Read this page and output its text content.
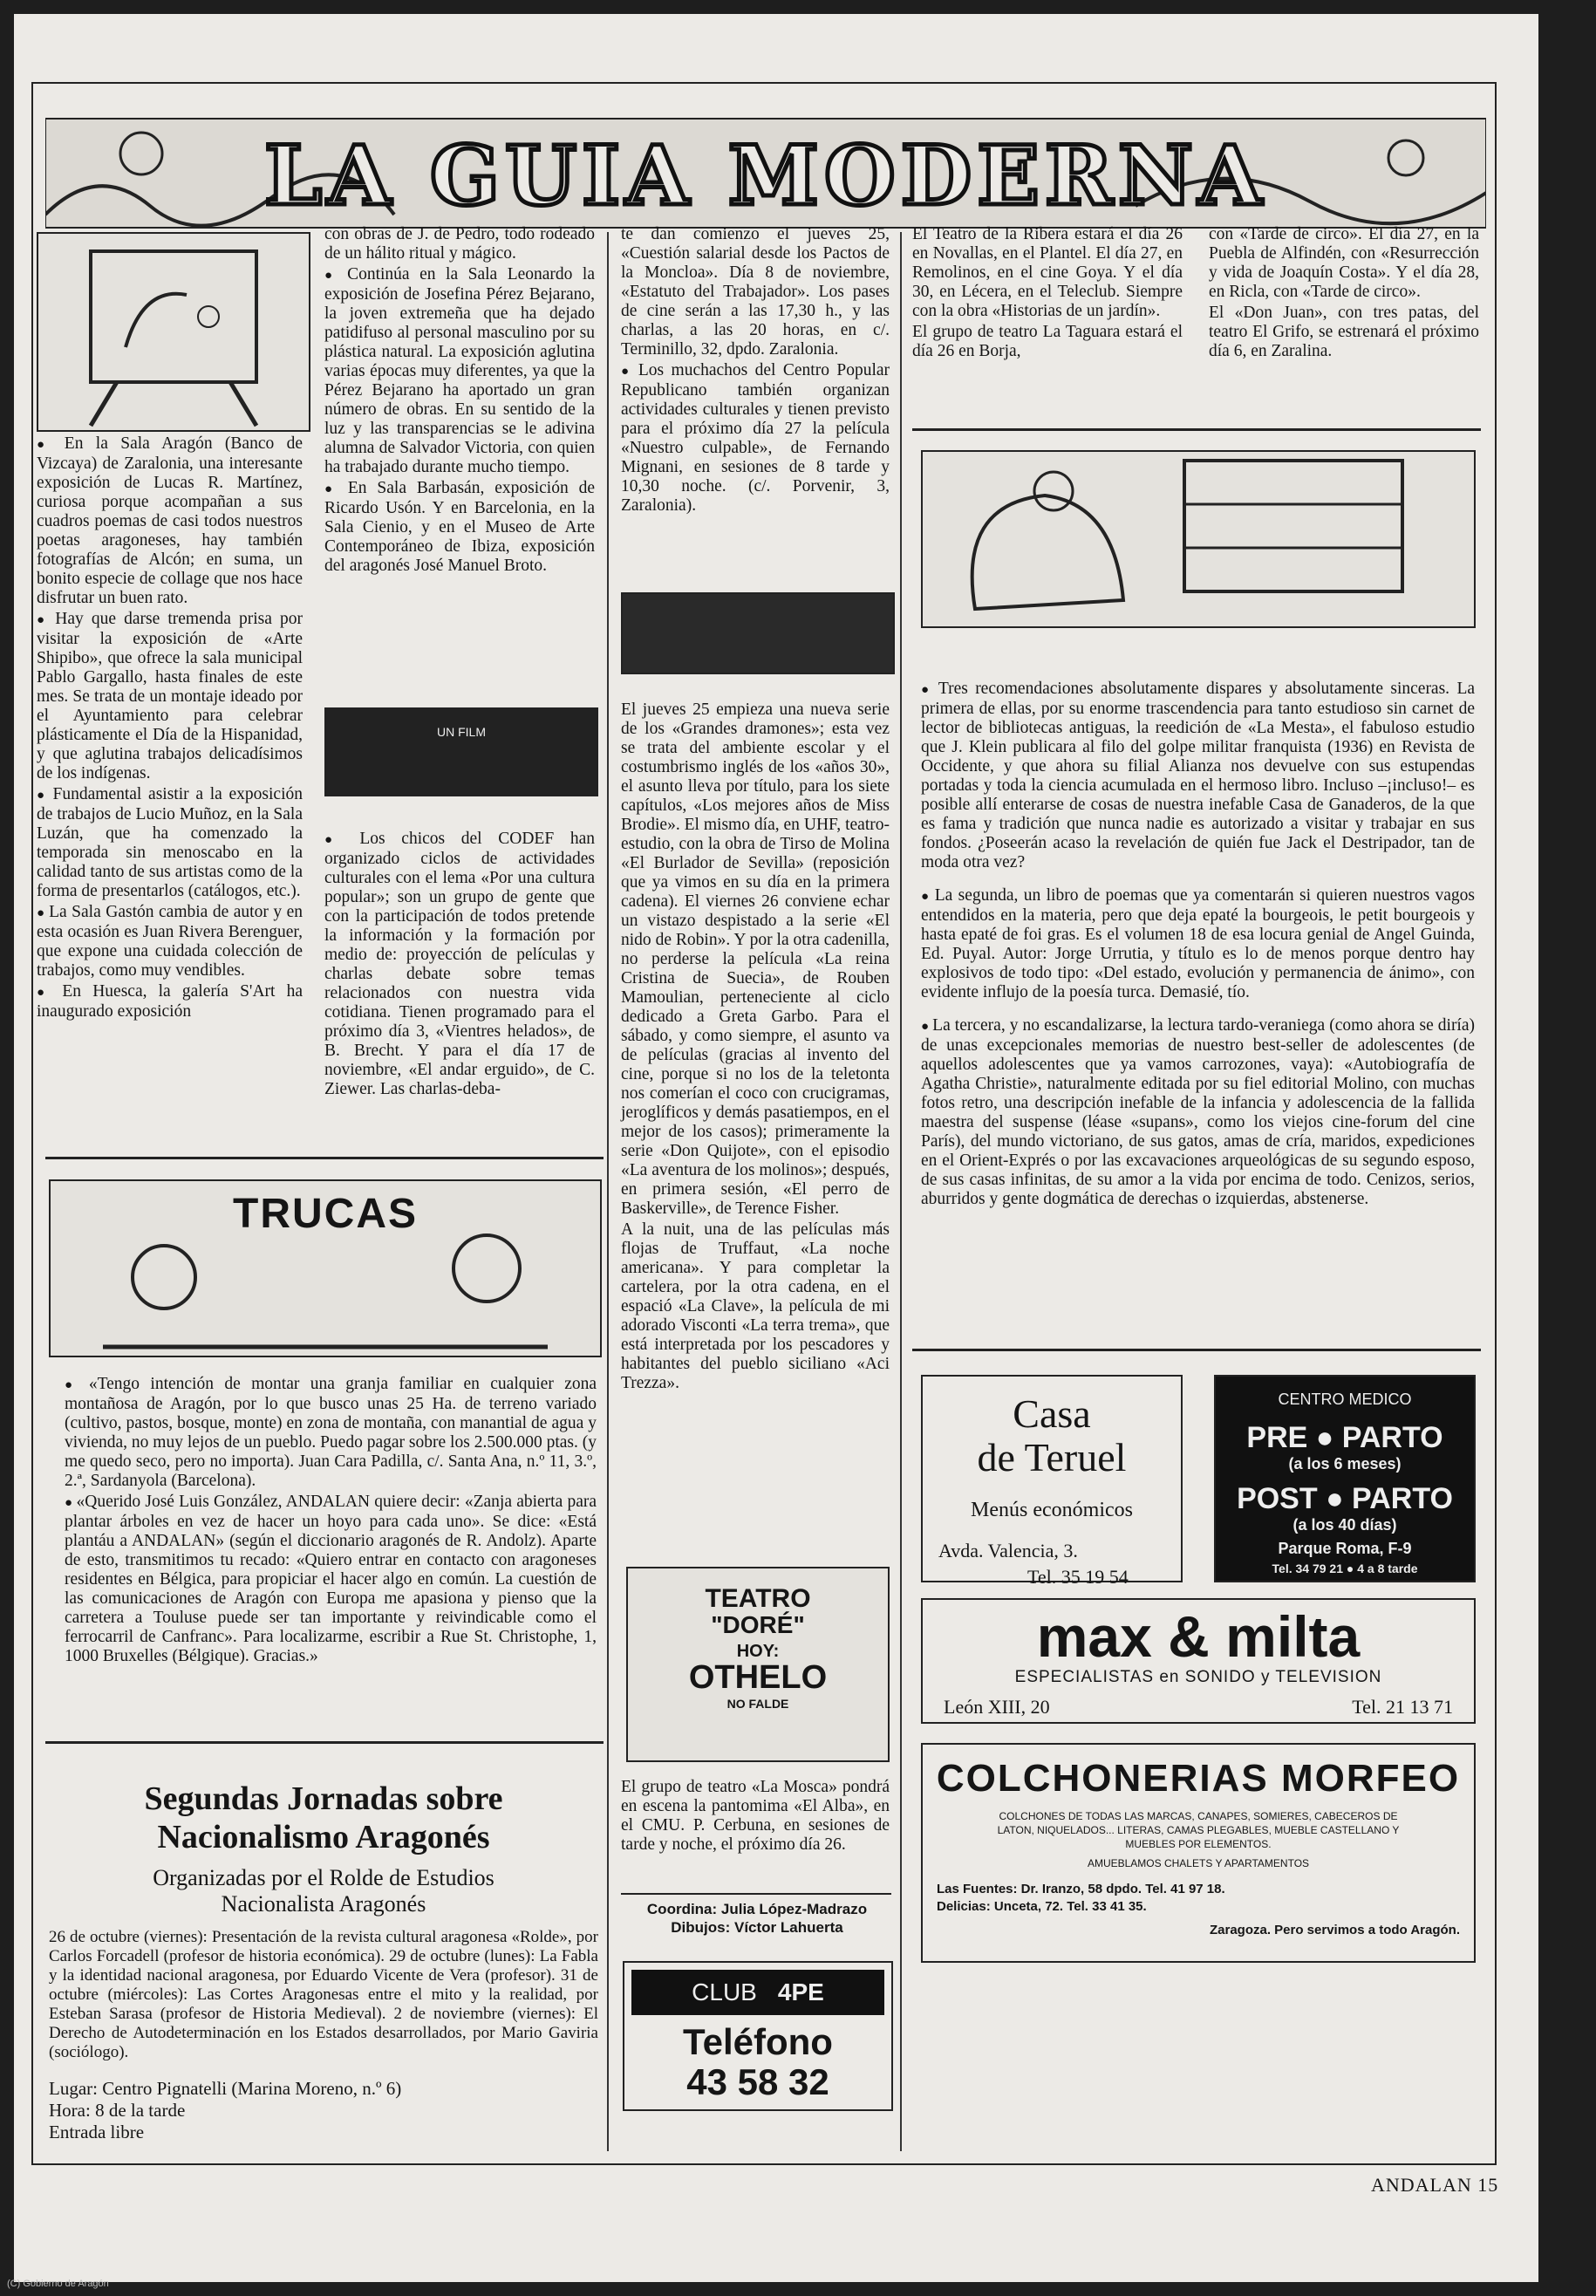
LA GUIA MODERNA

● En la Sala Aragón (Banco de Vizcaya) de Zaralonia, una interesante exposición de Lucas R. Martínez, curiosa porque acompañan a sus cuadros poemas de casi todos nuestros poetas aragoneses, hay también fotografías de Alcón; en suma, un bonito especie de collage que nos hace disfrutar un buen rato.

● Hay que darse tremenda prisa por visitar la exposición de «Arte Shipibo», que ofrece la sala municipal Pablo Gargallo, hasta finales de este mes. Se trata de un montaje ideado por el Ayuntamiento para celebrar plásticamente el Día de la Hispanidad, y que aglutina trabajos delicadísimos de los indígenas.

● Fundamental asistir a la exposición de trabajos de Lucio Muñoz, en la Sala Luzán, que ha comenzado la temporada sin menoscabo en la calidad tanto de sus artistas como de la forma de presentarlos (catálogos, etc.).

● La Sala Gastón cambia de autor y en esta ocasión es Juan Rivera Berenguer, que expone una cuidada colección de trabajos, como muy vendibles.

● En Huesca, la galería S'Art ha inaugurado exposición

con obras de J. de Pedro, todo rodeado de un hálito ritual y mágico.

● Continúa en la Sala Leonardo la exposición de Josefina Pérez Bejarano, la joven extremeña que ha dejado patidifuso al personal masculino por su plástica natural. La exposición aglutina varias épocas muy diferentes, ya que la Pérez Bejarano ha aportado un gran número de obras. En su sentido de la luz y las transparencias se le adivina alumna de Salvador Victoria, con quien ha trabajado durante mucho tiempo.

● En Sala Barbasán, exposición de Ricardo Usón. Y en Barcelonia, en la Sala Cienio, y en el Museo de Arte Contemporáneo de Ibiza, exposición del aragonés José Manuel Broto.

UN FILM

● Los chicos del CODEF han organizado ciclos de actividades culturales con el lema «Por una cultura popular»; son un grupo de gente que con la participación de todos pretende la información y la formación por medio de: proyección de películas y charlas debate sobre temas relacionados con nuestra vida cotidiana. Tienen programado para el próximo día 3, «Vientres helados», de B. Brecht. Y para el día 17 de noviembre, «El andar erguido», de C. Ziewer. Las charlas-deba-

te dan comienzo el jueves 25, «Cuestión salarial desde los Pactos de la Moncloa». Día 8 de noviembre, «Estatuto del Trabajador». Los pases de cine serán a las 17,30 h., y las charlas, a las 20 horas, en c/. Terminillo, 32, dpdo. Zaralonia.

● Los muchachos del Centro Popular Republicano también organizan actividades culturales y tienen previsto para el próximo día 27 la película «Nuestro culpable», de Fernando Mignani, en sesiones de 8 tarde y 10,30 noche. (c/. Porvenir, 3, Zaralonia).

El jueves 25 empieza una nueva serie de los «Grandes dramones»; esta vez se trata del ambiente escolar y el costumbrismo inglés de los «años 30», el asunto lleva por título, para los siete capítulos, «Los mejores años de Miss Brodie». El mismo día, en UHF, teatro-estudio, con la obra de Tirso de Molina «El Burlador de Sevilla» (reposición que ya vimos en su día en la primera cadena). El viernes 26 conviene echar un vistazo despistado a la serie «El nido de Robin». Y por la otra cadenilla, no perderse la película «La reina Cristina de Suecia», de Rouben Mamoulian, perteneciente al ciclo dedicado a Greta Garbo. Para el sábado, y como siempre, el asunto va de películas (gracias al invento del cine, porque si no los de la teletonta nos comerían el coco con crucigramas, jeroglíficos y demás pasatiempos, en el mejor de los casos); primeramente la serie «Don Quijote», con el episodio «La aventura de los molinos»; después, en primera sesión, «El perro de Baskerville», de Terence Fisher.

A la nuit, una de las películas más flojas de Truffaut, «La noche americana». Y para completar la cartelera, por la otra cadena, en el espació «La Clave», la película de mi adorado Visconti «La terra trema», que está interpretada por los pescadores y habitantes del pueblo siciliano «Aci Trezza».

TEATRO
"DORÉ"
HOY:
OTHELO
NO FALDE

El grupo de teatro «La Mosca» pondrá en escena la pantomima «El Alba», en el CMU. P. Cerbuna, en sesiones de tarde y noche, el próximo día 26.

Coordina: Julia López-Madrazo
Dibujos: Víctor Lahuerta
CLUB 4PE
Teléfono
43 58 32

El Teatro de la Ribera estará el día 26 en Novallas, en el Plantel. El día 27, en Remolinos, en el cine Goya. Y el día 30, en Lécera, en el Teleclub. Siempre con la obra «Historias de un jardín».

El grupo de teatro La Taguara estará el día 26 en Borja,

con «Tarde de circo». El día 27, en la Puebla de Alfindén, con «Resurrección y vida de Joaquín Costa». Y el día 28, en Ricla, con «Tarde de circo».

El «Don Juan», con tres patas, del teatro El Grifo, se estrenará el próximo día 6, en Zaralina.

● Tres recomendaciones absolutamente dispares y absolutamente sinceras. La primera de ellas, por su enorme trascendencia para tanto estudioso sin carnet de lector de bibliotecas antiguas, la reedición de «La Mesta», el fabuloso estudio que J. Klein publicara al filo del golpe militar franquista (1936) en Revista de Occidente, y que ahora su filial Alianza nos devuelve con sus estupendas portadas y toda la ciencia acumulada en el hermoso libro. Incluso –¡incluso!– es posible allí enterarse de cosas de nuestra inefable Casa de Ganaderos, de la que es fama y tradición que nunca nadie es autorizado a visitar y trabajar en sus fondos. ¿Poseerán acaso la revelación de quién fue Jack el Destripador, tan de moda otra vez?

● La segunda, un libro de poemas que ya comentarán si quieren nuestros vagos entendidos en la materia, pero que deja epaté la bourgeois, le petit bourgeois y hasta epaté de foi gras. Es el volumen 18 de esa locura genial de Angel Guinda, Ed. Puyal. Autor: Jorge Urrutia, y título es lo de menos porque dentro hay explosivos de todo tipo: «Del estado, evolución y permanencia de ánimo», con evidente influjo de la poesía turca. Demasié, tío.

● La tercera, y no escandalizarse, la lectura tardo-veraniega (como ahora se diría) de unas excepcionales memorias de nuestro best-seller de adolescentes (de aquellos adolescentes que ya vamos carrozones, vaya): «Autobiografía de Agatha Christie», naturalmente editada por su fiel editorial Molino, con muchas fotos retro, una descripción inefable de la infancia y adolescencia de la fallida maestra del suspense (léase «supans», como los viejos cine-forum del cine París), del mundo victoriano, de sus gatos, amas de cría, maridos, expediciones en el Orient-Exprés o por las excavaciones arqueológicas de su segundo esposo, de sus casas infinitas, de su amor a la vida por encima de todo. Cenizos, serios, aburridos y gente dogmática de derechas o izquierdas, abstenerse.

Casa
de Teruel
Menús económicos
Avda. Valencia, 3.
Tel. 35 19 54
CENTRO MEDICO
PRE ● PARTO
(a los 6 meses)
POST ● PARTO
(a los 40 días)
Parque Roma, F-9
Tel. 34 79 21 ● 4 a 8 tarde
max & milta
ESPECIALISTAS en SONIDO y TELEVISION
León XIII, 20	Tel. 21 13 71
COLCHONERIAS MORFEO
COLCHONES DE TODAS LAS MARCAS, CANAPES, SOMIERES, CABECEROS DE
LATON, NIQUELADOS... LITERAS, CAMAS PLEGABLES, MUEBLE CASTELLANO Y
MUEBLES POR ELEMENTOS.
AMUEBLAMOS CHALETS Y APARTAMENTOS
Las Fuentes: Dr. Iranzo, 58 dpdo. Tel. 41 97 18.
Delicias: Unceta, 72. Tel. 33 41 35.
Zaragoza. Pero servimos a todo Aragón.
TRUCAS

● «Tengo intención de montar una granja familiar en cualquier zona montañosa de Aragón, por lo que busco unas 25 Ha. de terreno variado (cultivo, pastos, bosque, monte) en zona de montaña, con manantial de agua y vivienda, no muy lejos de un pueblo. Puedo pagar sobre los 2.500.000 ptas. (y me quedo seco, pero no importa). Juan Cara Padilla, c/. Santa Ana, n.º 11, 3.º, 2.ª, Sardanyola (Barcelona).

● «Querido José Luis González, ANDALAN quiere decir: «Zanja abierta para plantar árboles en vez de hacer un hoyo para cada uno». Se dice: «Está plantáu a ANDALAN» (según el diccionario aragonés de R. Andolz). Aparte de esto, transmitimos tu recado: «Quiero entrar en contacto con aragoneses residentes en Bélgica, para propiciar el hacer algo en común. La cuestión de las comunicaciones de Aragón con Europa me apasiona y pienso que la carretera a Touluse puede ser tan importante y reivindicable como el ferrocarril de Canfranc». Para localizarme, escribir a Rue St. Christophe, 1, 1000 Bruxelles (Bélgique). Gracias.»

Segundas Jornadas sobre
Nacionalismo Aragonés
Organizadas por el Rolde de Estudios
Nacionalista Aragonés
26 de octubre (viernes): Presentación de la revista cultural aragonesa «Rolde», por Carlos Forcadell (profesor de historia económica). 29 de octubre (lunes): La Fabla y la identidad nacional aragonesa, por Eduardo Vicente de Vera (profesor). 31 de octubre (miércoles): Las Cortes Aragonesas entre el mito y la realidad, por Esteban Sarasa (profesor de Historia Medieval). 2 de noviembre (viernes): El Derecho de Autodeterminación en los Estados desarrollados, por Mario Gaviria (sociólogo).
Lugar: Centro Pignatelli (Marina Moreno, n.º 6)
Hora: 8 de la tarde
Entrada libre
ANDALAN 15
(C) Gobierno de Aragón
